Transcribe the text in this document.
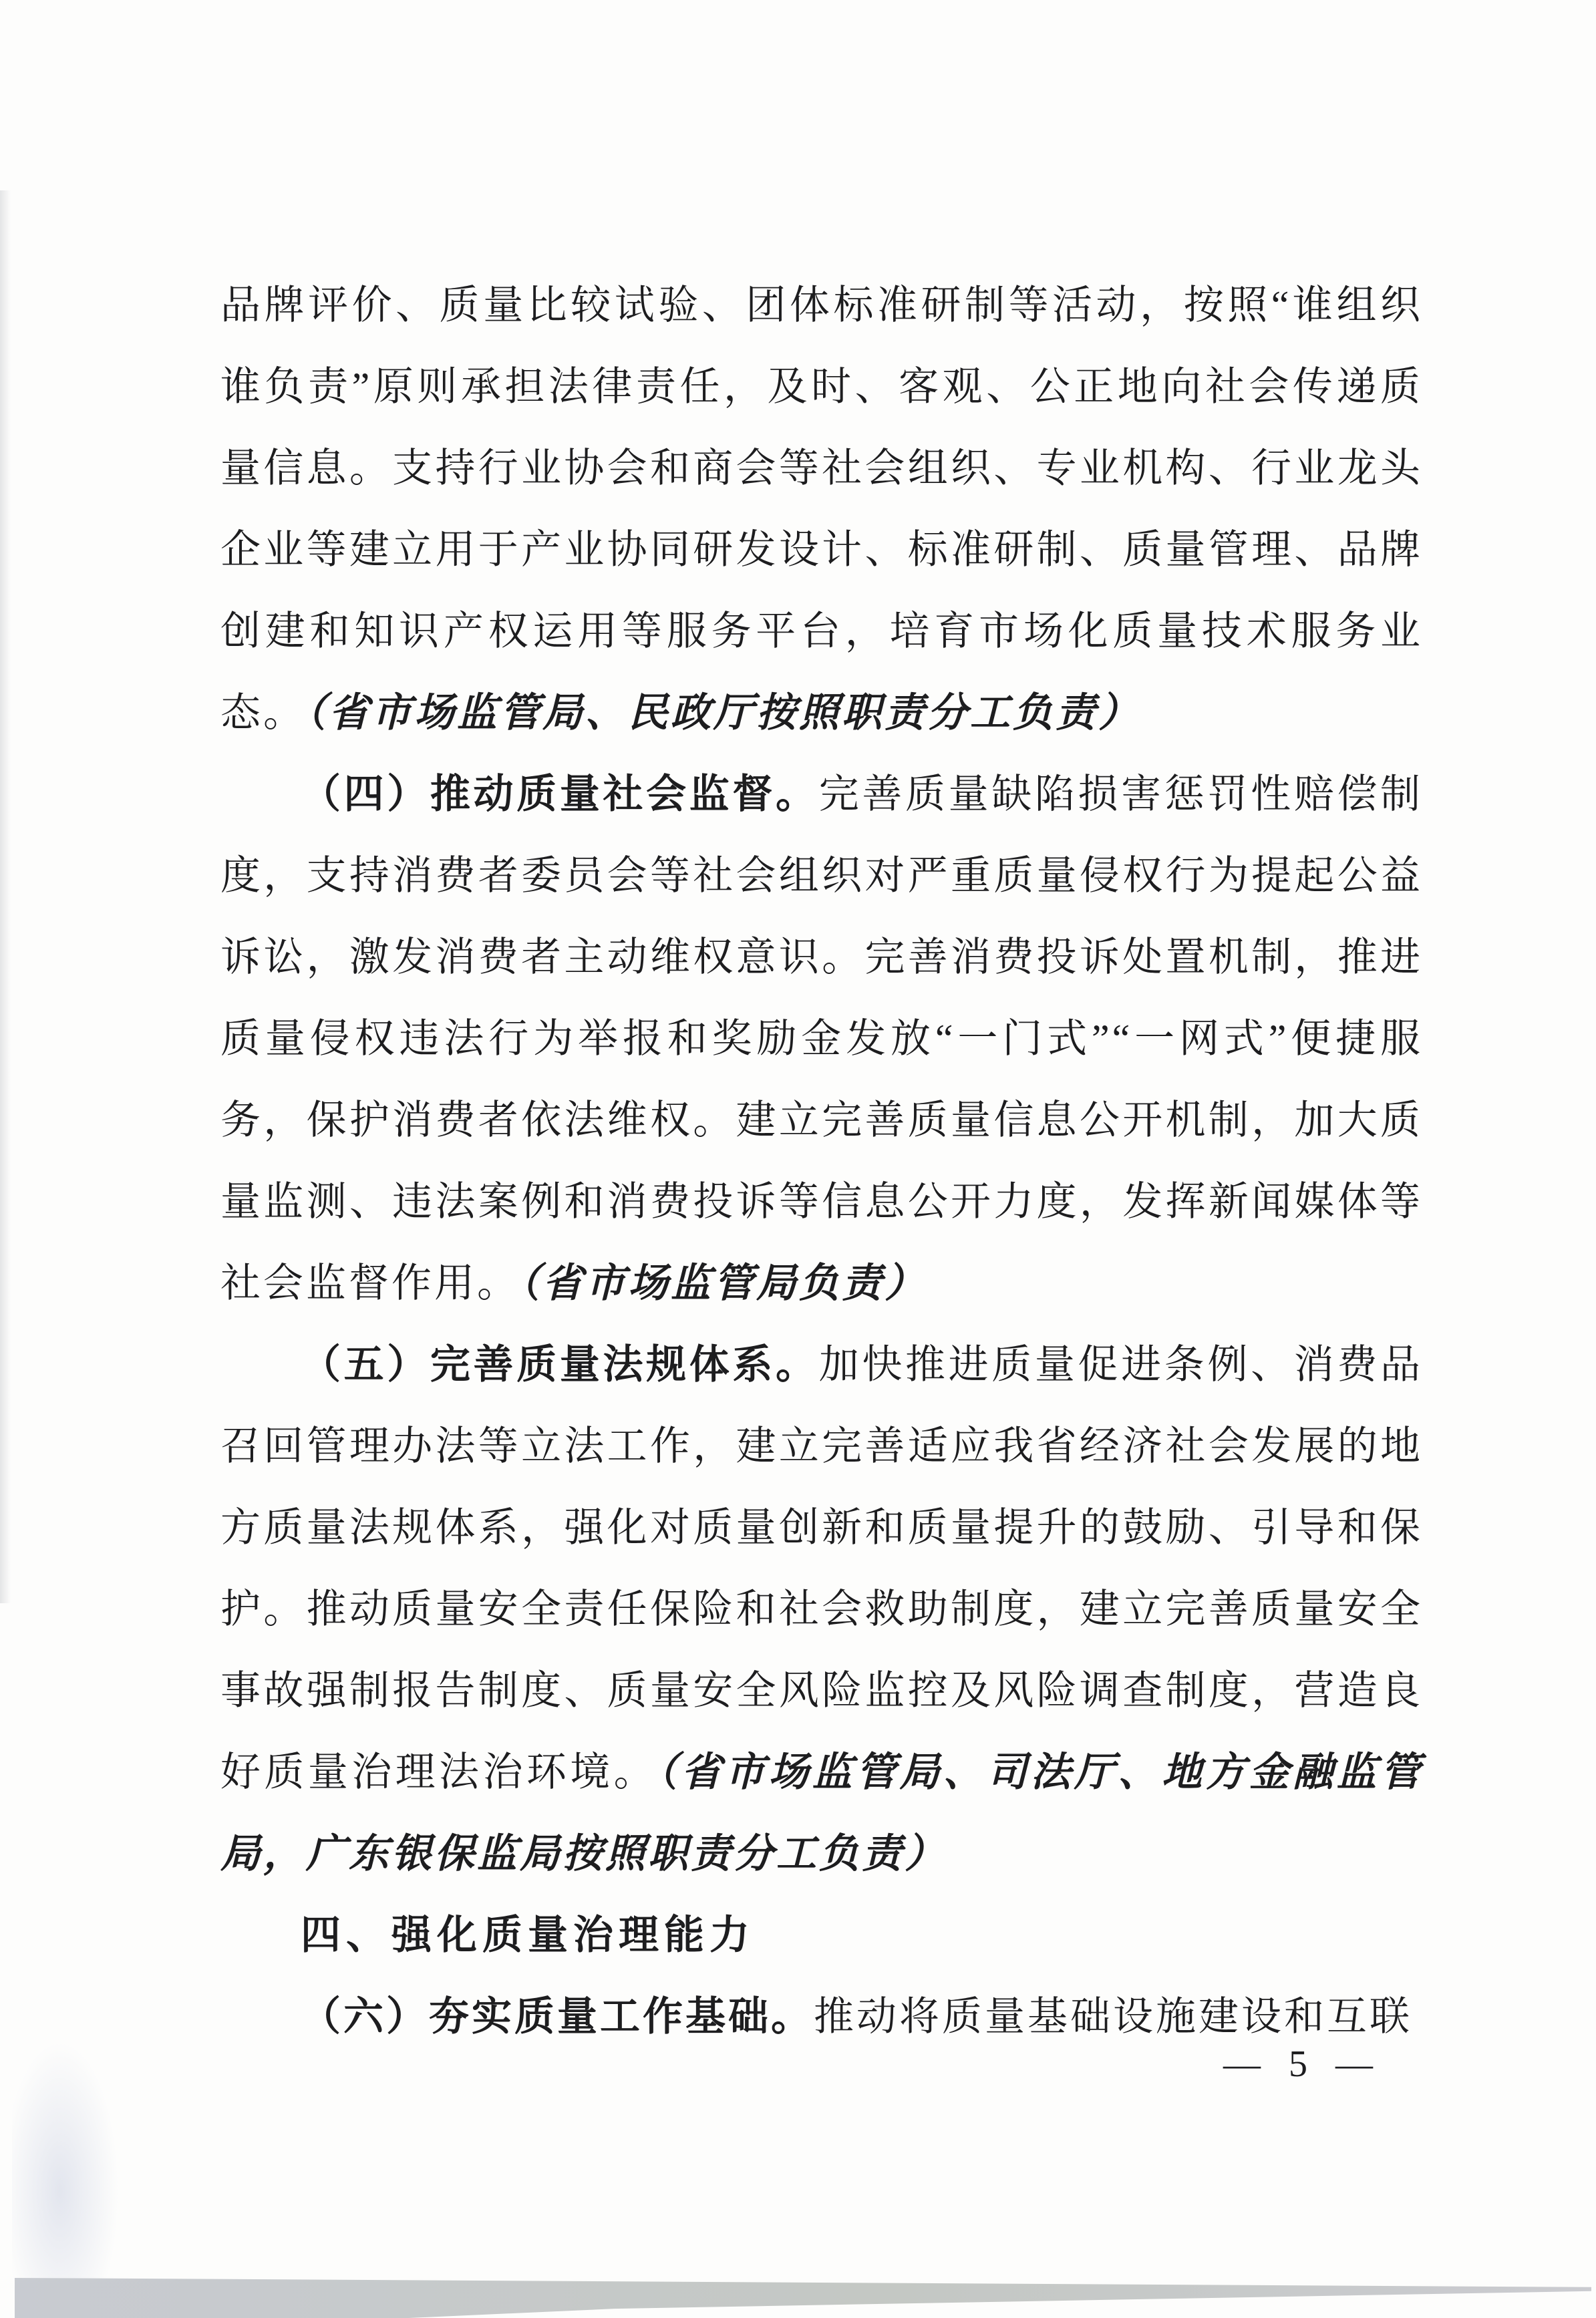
品牌评价、质量比较试验、团体标准研制等活动，按照“谁组织谁负责”原则承担法律责任，及时、客观、公正地向社会传递质量信息。支持行业协会和商会等社会组织、专业机构、行业龙头企业等建立用于产业协同研发设计、标准研制、质量管理、品牌创建和知识产权运用等服务平台，培育市场化质量技术服务业态。（省市场监管局、民政厅按照职责分工负责）

（四）推动质量社会监督。完善质量缺陷损害惩罚性赔偿制度，支持消费者委员会等社会组织对严重质量侵权行为提起公益诉讼，激发消费者主动维权意识。完善消费投诉处置机制，推进质量侵权违法行为举报和奖励金发放“一门式”“一网式”便捷服务，保护消费者依法维权。建立完善质量信息公开机制，加大质量监测、违法案例和消费投诉等信息公开力度，发挥新闻媒体等社会监督作用。（省市场监管局负责）

（五）完善质量法规体系。加快推进质量促进条例、消费品召回管理办法等立法工作，建立完善适应我省经济社会发展的地方质量法规体系，强化对质量创新和质量提升的鼓励、引导和保护。推动质量安全责任保险和社会救助制度，建立完善质量安全事故强制报告制度、质量安全风险监控及风险调查制度，营造良好质量治理法治环境。（省市场监管局、司法厅、地方金融监管局，广东银保监局按照职责分工负责）

四、强化质量治理能力

（六）夯实质量工作基础。推动将质量基础设施建设和互联

— 5 —
